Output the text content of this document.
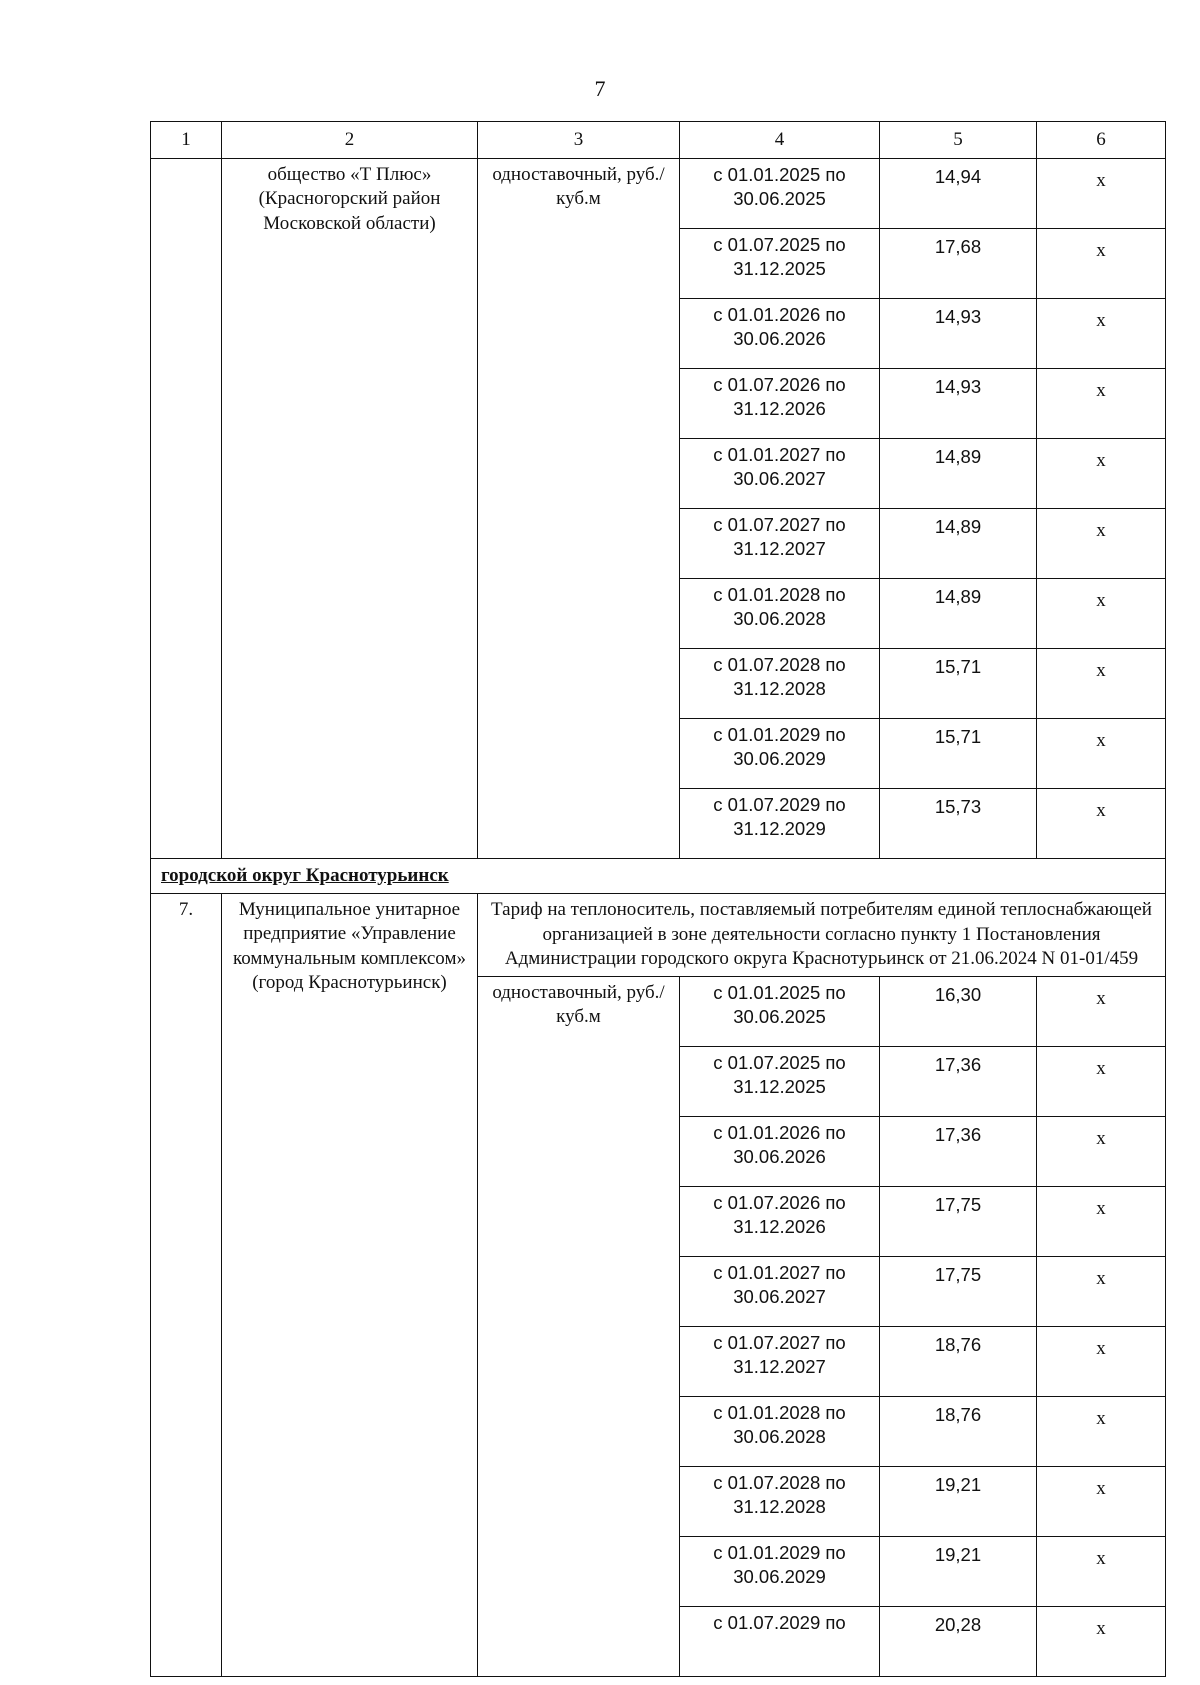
7
1	2	3	4	5	6
	общество «Т Плюс» (Красногорский район Московской области)	одноставочный, руб./куб.м	с 01.01.2025 по 30.06.2025	14,94	х
			с 01.07.2025 по 31.12.2025	17,68	х
			с 01.01.2026 по 30.06.2026	14,93	х
			с 01.07.2026 по 31.12.2026	14,93	х
			с 01.01.2027 по 30.06.2027	14,89	х
			с 01.07.2027 по 31.12.2027	14,89	х
			с 01.01.2028 по 30.06.2028	14,89	х
			с 01.07.2028 по 31.12.2028	15,71	х
			с 01.01.2029 по 30.06.2029	15,71	х
			с 01.07.2029 по 31.12.2029	15,73	х
городской округ Краснотурьинск					
7.	Муниципальное унитарное предприятие «Управление коммунальным комплексом» (город Краснотурьинск)	Тариф на теплоноситель, поставляемый потребителям единой теплоснабжающей организацией в зоне деятельности согласно пункту 1 Постановления Администрации городского округа Краснотурьинск от 21.06.2024 N 01-01/459			
		одноставочный, руб./куб.м	с 01.01.2025 по 30.06.2025	16,30	х
			с 01.07.2025 по 31.12.2025	17,36	х
			с 01.01.2026 по 30.06.2026	17,36	х
			с 01.07.2026 по 31.12.2026	17,75	х
			с 01.01.2027 по 30.06.2027	17,75	х
			с 01.07.2027 по 31.12.2027	18,76	х
			с 01.01.2028 по 30.06.2028	18,76	х
			с 01.07.2028 по 31.12.2028	19,21	х
			с 01.01.2029 по 30.06.2029	19,21	х
			с 01.07.2029 по	20,28	х
